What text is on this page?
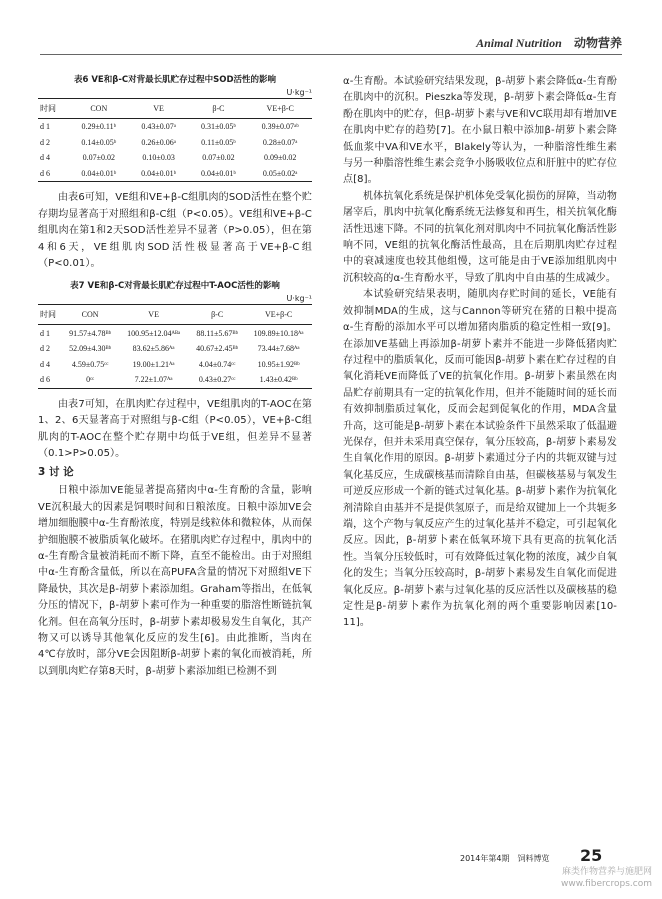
Animal Nutrition 动物营养
表6 VE和β-C对背最长肌贮存过程中SOD活性的影响
U·kg⁻¹
时间	CON	VE	β-C	VE+β-C
d 1	0.29±0.11ᵇ	0.43±0.07ᵃ	0.31±0.05ᵇ	0.39±0.07ᵃᵇ
d 2	0.14±0.05ᵇ	0.26±0.06ᵃ	0.11±0.05ᵇ	0.28±0.07ᵃ
d 4	0.07±0.02	0.10±0.03	0.07±0.02	0.09±0.02
d 6	0.04±0.01ᵇ	0.04±0.01ᵇ	0.04±0.01ᵇ	0.05±0.02ᵃ

由表6可知，VE组和VE+β-C组肌肉的SOD活性在整个贮存期均显著高于对照组和β-C组（P<0.05）。VE组和VE+β-C组肌肉在第1和2天SOD活性差异不显著（P>0.05），但在第4和6天，VE组肌肉SOD活性极显著高于VE+β-C组（P<0.01）。

表7 VE和β-C对背最长肌贮存过程中T-AOC活性的影响
U·kg⁻¹
时间	CON	VE	β-C	VE+β-C
d 1	91.57±4.78ᴮᵇ	100.95±12.04ᴬᴮᵃ	88.11±5.67ᴮᵇ	109.89±10.18ᴬᵃ
d 2	52.09±4.30ᴮᵇ	83.62±5.86ᴬᵃ	40.67±2.45ᴮᵇ	73.44±7.68ᴬᵃ
d 4	4.59±0.75ᶜᶜ	19.00±1.21ᴬᵃ	4.04±0.74ᶜᶜ	10.95±1.92ᴮᵇ
d 6	0ᶜᶜ	7.22±1.07ᴬᵃ	0.43±0.27ᶜᶜ	1.43±0.42ᴮᵇ

由表7可知，在肌肉贮存过程中，VE组肌肉的T-AOC在第1、2、6天显著高于对照组与β-C组（P<0.05），VE+β-C组肌肉的T-AOC在整个贮存期中均低于VE组，但差异不显著（0.1>P>0.05）。

3 讨 论

日粮中添加VE能显著提高猪肉中α-生育酚的含量，影响VE沉积最大的因素是饲喂时间和日粮浓度。日粮中添加VE会增加细胞膜中α-生育酚浓度，特别是线粒体和微粒体，从而保护细胞膜不被脂质氧化破坏。在猪肌肉贮存过程中，肌肉中的α-生育酚含量被消耗而不断下降，直至不能检出。由于对照组中α-生育酚含量低，所以在高PUFA含量的情况下对照组VE下降最快，其次是β-胡萝卜素添加组。Graham等指出，在低氧分压的情况下，β-胡萝卜素可作为一种重要的脂溶性断链抗氧化剂。但在高氧分压时，β-胡萝卜素却极易发生自氧化，其产物又可以诱导其他氧化反应的发生[6]。由此推断，当肉在4℃存放时，部分VE会因阻断β-胡萝卜素的氧化而被消耗，所以到肌肉贮存第8天时，β-胡萝卜素添加组已检测不到

α-生育酚。本试验研究结果发现，β-胡萝卜素会降低α-生育酚在肌肉中的沉积。Pieszka等发现，β-胡萝卜素会降低α-生育酚在肌肉中的贮存，但β-胡萝卜素与VE和VC联用却有增加VE在肌肉中贮存的趋势[7]。在小鼠日粮中添加β-胡萝卜素会降低血浆中VA和VE水平，Blakely等认为，一种脂溶性维生素与另一种脂溶性维生素会竞争小肠吸收位点和肝脏中的贮存位点[8]。

机体抗氧化系统是保护机体免受氧化损伤的屏障，当动物屠宰后，肌肉中抗氧化酶系统无法修复和再生，相关抗氧化酶活性迅速下降。不同的抗氧化剂对肌肉中不同抗氧化酶活性影响不同，VE组的抗氧化酶活性最高，且在后期肌肉贮存过程中的衰减速度也较其他组慢，这可能是由于VE添加组肌肉中沉积较高的α-生育酚水平，导致了肌肉中自由基的生成减少。

本试验研究结果表明，随肌肉存贮时间的延长，VE能有效抑制MDA的生成，这与Cannon等研究在猪的日粮中提高α-生育酚的添加水平可以增加猪肉脂质的稳定性相一致[9]。在添加VE基础上再添加β-胡萝卜素并不能进一步降低猪肉贮存过程中的脂质氧化，反而可能因β-胡萝卜素在贮存过程的自氧化消耗VE而降低了VE的抗氧化作用。β-胡萝卜素虽然在肉品贮存前期具有一定的抗氧化作用，但并不能随时间的延长而有效抑制脂质过氧化，反而会起到促氧化的作用，MDA含量升高，这可能是β-胡萝卜素在本试验条件下虽然采取了低温避光保存，但并未采用真空保存，氧分压较高，β-胡萝卜素易发生自氧化作用的原因。β-胡萝卜素通过分子内的共轭双键与过氧化基反应，生成碳核基而清除自由基，但碳核基易与氧发生可逆反应形成一个新的链式过氧化基。β-胡萝卜素作为抗氧化剂清除自由基并不是提供氢原子，而是给双键加上一个共轭多端，这个产物与氧反应产生的过氧化基并不稳定，可引起氧化反应。因此，β-胡萝卜素在低氧环境下具有更高的抗氧化活性。当氧分压较低时，可有效降低过氧化物的浓度，减少自氧化的发生；当氧分压较高时，β-胡萝卜素易发生自氧化而促进氧化反应。β-胡萝卜素与过氧化基的反应活性以及碳核基的稳定性是β-胡萝卜素作为抗氧化剂的两个重要影响因素[10-11]。

2014年第4期　饲料博览 25
麻类作物营养与施肥网
www.fibercrops.com
